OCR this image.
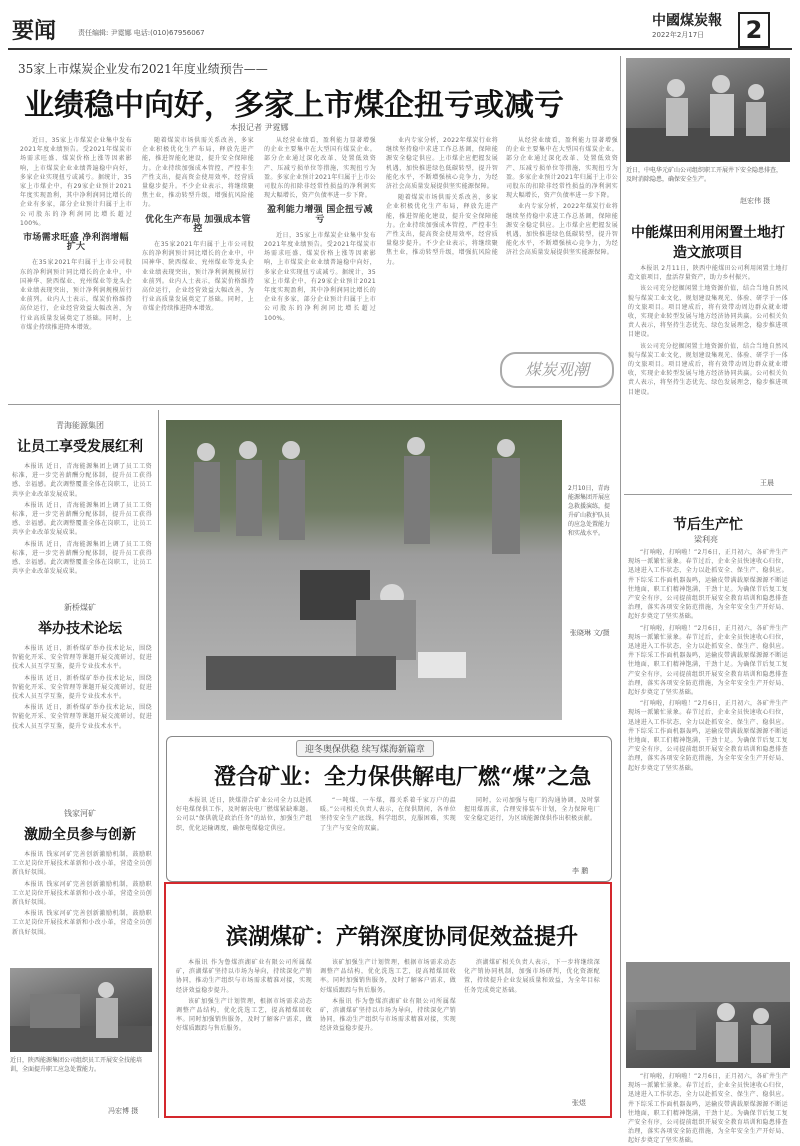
要闻	责任编辑: 尹霓娜 电话:(010)67956067
中國煤炭報
2022年2月17日	2
35家上市煤炭企业发布2021年度业绩预告——
业绩稳中向好，多家上市煤企扭亏或减亏
本报记者 尹霓娜

近日，35家上市煤炭企业集中发布2021年度业绩预告。受2021年煤炭市场需求旺盛、煤炭价格上涨等因素影响，上市煤炭企业业绩普遍稳中向好，多家企业实现扭亏或减亏。据统计，35家上市煤企中，有29家企业预计2021年度实现盈利，其中净利润同比增长的企业有多家，部分企业预计归属于上市公司股东的净利润同比增长超过100%。

市场需求旺盛 净利润增幅扩大

在35家2021年归属于上市公司股东的净利润预计同比增长的企业中，中国神华、陕西煤业、兖州煤业等龙头企业业绩表现突出，预计净利润规模居行业前列。业内人士表示，煤炭价格维持高位运行，企业经营效益大幅改善，为行业高质量发展奠定了基础。同时，上市煤企持续推进降本增效。

随着煤炭市场供需关系改善，多家企业积极优化生产布局，释放先进产能，推进智能化建设，提升安全保障能力。企业持续加强成本管控，严控非生产性支出，提高资金使用效率，经营质量稳步提升。不少企业表示，将继续聚焦主业，推动转型升级，增强抗风险能力。

优化生产布局 加强成本管控

在35家2021年归属于上市公司股东的净利润预计同比增长的企业中，中国神华、陕西煤业、兖州煤业等龙头企业业绩表现突出，预计净利润规模居行业前列。业内人士表示，煤炭价格维持高位运行，企业经营效益大幅改善，为行业高质量发展奠定了基础。同时，上市煤企持续推进降本增效。

从经营业绩看，盈利能力显著增强的企业主要集中在大型国有煤炭企业。部分企业通过深化改革、处置低效资产、压减亏损单位等措施，实现扭亏为盈。多家企业预计2021年归属于上市公司股东的扣除非经常性损益的净利润实现大幅增长，资产负债率进一步下降。

盈利能力增强 国企扭亏减亏

近日，35家上市煤炭企业集中发布2021年度业绩预告。受2021年煤炭市场需求旺盛、煤炭价格上涨等因素影响，上市煤炭企业业绩普遍稳中向好，多家企业实现扭亏或减亏。据统计，35家上市煤企中，有29家企业预计2021年度实现盈利，其中净利润同比增长的企业有多家，部分企业预计归属于上市公司股东的净利润同比增长超过100%。

业内专家分析，2022年煤炭行业将继续坚持稳中求进工作总基调，保障能源安全稳定供应。上市煤企应把握发展机遇，加快推进绿色低碳转型，提升智能化水平，不断增强核心竞争力，为经济社会高质量发展提供坚实能源保障。

随着煤炭市场供需关系改善，多家企业积极优化生产布局，释放先进产能，推进智能化建设，提升安全保障能力。企业持续加强成本管控，严控非生产性支出，提高资金使用效率，经营质量稳步提升。不少企业表示，将继续聚焦主业，推动转型升级，增强抗风险能力。

从经营业绩看，盈利能力显著增强的企业主要集中在大型国有煤炭企业。部分企业通过深化改革、处置低效资产、压减亏损单位等措施，实现扭亏为盈。多家企业预计2021年归属于上市公司股东的扣除非经常性损益的净利润实现大幅增长，资产负债率进一步下降。

业内专家分析，2022年煤炭行业将继续坚持稳中求进工作总基调，保障能源安全稳定供应。上市煤企应把握发展机遇，加快推进绿色低碳转型，提升智能化水平，不断增强核心竞争力，为经济社会高质量发展提供坚实能源保障。

煤炭观潮
近日，中电华元矿山公司组织职工开展井下安全隐患排查，及时消除隐患，确保安全生产。
赵宏伟 摄
中能煤田利用闲置土地打造文旅项目

本报讯 2月11日，陕西中能煤田公司利用闲置土地打造文旅项目，盘活存量资产，助力乡村振兴。

该公司充分挖掘闲置土地资源价值，结合当地自然风貌与煤炭工业文化，规划建设集观光、体验、研学于一体的文旅项目。项目建成后，将有效带动周边群众就业增收，实现企业转型发展与地方经济协同共赢。公司相关负责人表示，将坚持生态优先、绿色发展理念，稳步推进项目建设。

该公司充分挖掘闲置土地资源价值，结合当地自然风貌与煤炭工业文化，规划建设集观光、体验、研学于一体的文旅项目。项目建成后，将有效带动周边群众就业增收，实现企业转型发展与地方经济协同共赢。公司相关负责人表示，将坚持生态优先、绿色发展理念，稳步推进项目建设。

王晨
节后生产忙
梁利亮

“打响啦，打响啦！”2月6日，正月初六，各矿井生产现场一派繁忙景象。春节过后，企业全员快速收心归位，迅速进入工作状态，全力以赴抓安全、保生产、稳供应。井下综采工作面机器轰鸣，运输皮带满载原煤源源不断运往地面，职工们精神饱满，干劲十足。为确保节后复工复产安全有序，公司提前组织开展安全教育培训和隐患排查治理，落实各项安全防范措施，为全年安全生产开好局、起好步奠定了坚实基础。

“打响啦，打响啦！”2月6日，正月初六，各矿井生产现场一派繁忙景象。春节过后，企业全员快速收心归位，迅速进入工作状态，全力以赴抓安全、保生产、稳供应。井下综采工作面机器轰鸣，运输皮带满载原煤源源不断运往地面，职工们精神饱满，干劲十足。为确保节后复工复产安全有序，公司提前组织开展安全教育培训和隐患排查治理，落实各项安全防范措施，为全年安全生产开好局、起好步奠定了坚实基础。

“打响啦，打响啦！”2月6日，正月初六，各矿井生产现场一派繁忙景象。春节过后，企业全员快速收心归位，迅速进入工作状态，全力以赴抓安全、保生产、稳供应。井下综采工作面机器轰鸣，运输皮带满载原煤源源不断运往地面，职工们精神饱满，干劲十足。为确保节后复工复产安全有序，公司提前组织开展安全教育培训和隐患排查治理，落实各项安全防范措施，为全年安全生产开好局、起好步奠定了坚实基础。

“打响啦，打响啦！”2月6日，正月初六，各矿井生产现场一派繁忙景象。春节过后，企业全员快速收心归位，迅速进入工作状态，全力以赴抓安全、保生产、稳供应。井下综采工作面机器轰鸣，运输皮带满载原煤源源不断运往地面，职工们精神饱满，干劲十足。为确保节后复工复产安全有序，公司提前组织开展安全教育培训和隐患排查治理，落实各项安全防范措施，为全年安全生产开好局、起好步奠定了坚实基础。

青海能源集团
让员工享受发展红利

本报讯 近日，青海能源集团上调了员工工资标准，进一步完善薪酬分配体制，提升员工获得感、幸福感。此次调整覆盖全体在岗职工，让员工共享企业改革发展成果。

本报讯 近日，青海能源集团上调了员工工资标准，进一步完善薪酬分配体制，提升员工获得感、幸福感。此次调整覆盖全体在岗职工，让员工共享企业改革发展成果。

本报讯 近日，青海能源集团上调了员工工资标准，进一步完善薪酬分配体制，提升员工获得感、幸福感。此次调整覆盖全体在岗职工，让员工共享企业改革发展成果。

新桥煤矿
举办技术论坛

本报讯 近日，新桥煤矿举办技术论坛，围绕智能化开采、安全管理等课题开展交流研讨，促进技术人员互学互鉴，提升专业技术水平。

本报讯 近日，新桥煤矿举办技术论坛，围绕智能化开采、安全管理等课题开展交流研讨，促进技术人员互学互鉴，提升专业技术水平。

本报讯 近日，新桥煤矿举办技术论坛，围绕智能化开采、安全管理等课题开展交流研讨，促进技术人员互学互鉴，提升专业技术水平。

钱家河矿
激励全员参与创新

本报讯 钱家河矿完善创新激励机制，鼓励职工立足岗位开展技术革新和小改小革，营造全员创新良好氛围。

本报讯 钱家河矿完善创新激励机制，鼓励职工立足岗位开展技术革新和小改小革，营造全员创新良好氛围。

本报讯 钱家河矿完善创新激励机制，鼓励职工立足岗位开展技术革新和小改小革，营造全员创新良好氛围。

近日，陕西能源集团公司组织员工开展安全技能培训，全面提升职工应急处置能力。
冯宏博 摄
2月10日，青海能源集团开展应急救援演练，提升矿山救护队员的应急处置能力和实战水平。
张晓琳 文/摄
迎冬奥保供稳 续写煤海新篇章
澄合矿业：全力保供解电厂燃“煤”之急

本报讯 近日，陕煤澄合矿业公司全力以赴抓好电煤保供工作，及时解决电厂燃煤紧缺难题。公司以“保供就是政治任务”的站位，加强生产组织，优化运输调度，确保电煤稳定供应。

“一吨煤、一车煤，都关系着千家万户的温暖。”公司相关负责人表示，在保供期间，各单位坚持安全生产底线，科学组织，克服困难，实现了生产与安全的双赢。

同时，公司加强与电厂的沟通协调，及时掌握用煤需求，合理安排装车计划，全力保障电厂安全稳定运行，为区域能源保供作出积极贡献。

李 鹏
滨湖煤矿：产销深度协同促效益提升

本报讯 作为鲁煤滨湖矿业有限公司所属煤矿，滨湖煤矿坚持以市场为导向，持续深化产销协同，推动生产组织与市场需求精准对接，实现经济效益稳步提升。

该矿加强生产计划管理，根据市场需求动态调整产品结构，优化洗选工艺，提高精煤回收率。同时加强销售服务，及时了解客户需求，做好煤质跟踪与售后服务。

该矿加强生产计划管理，根据市场需求动态调整产品结构，优化洗选工艺，提高精煤回收率。同时加强销售服务，及时了解客户需求，做好煤质跟踪与售后服务。

本报讯 作为鲁煤滨湖矿业有限公司所属煤矿，滨湖煤矿坚持以市场为导向，持续深化产销协同，推动生产组织与市场需求精准对接，实现经济效益稳步提升。

滨湖煤矿相关负责人表示，下一步将继续深化产销协同机制，加强市场研判，优化资源配置，持续提升企业发展质量和效益，为全年目标任务完成奠定基础。

张煜
